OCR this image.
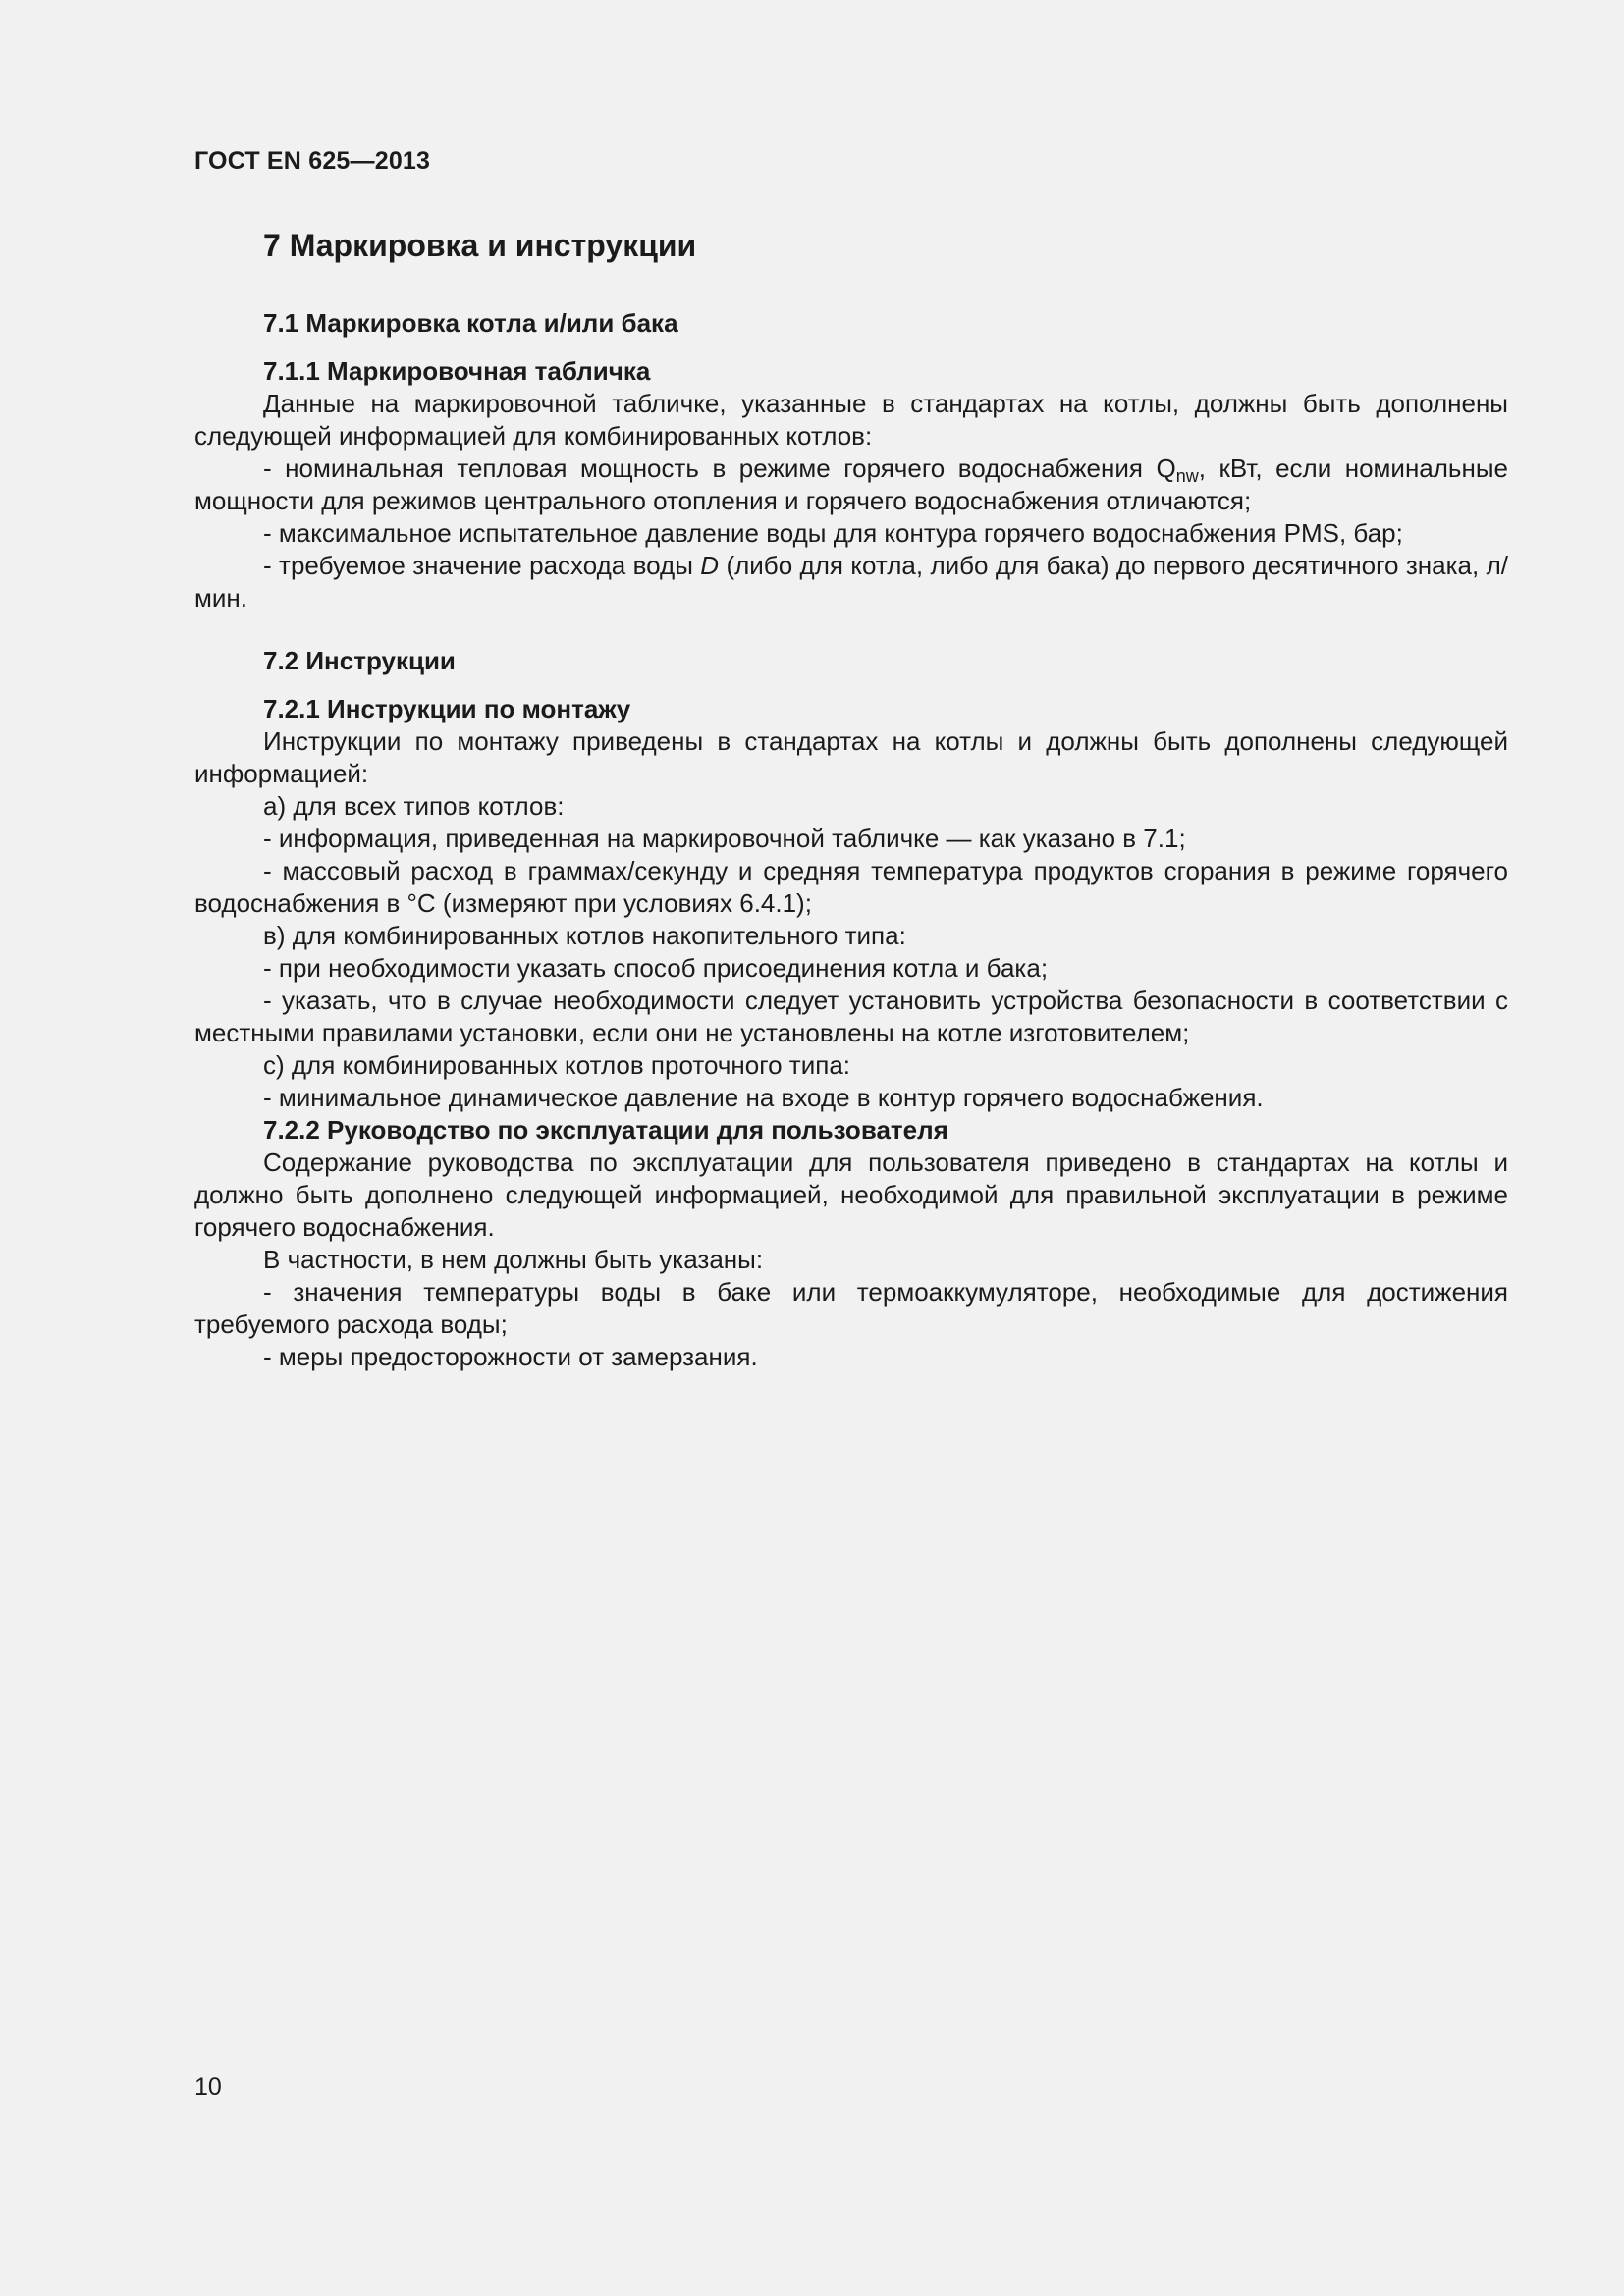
ГОСТ EN 625—2013
7 Маркировка и инструкции
7.1 Маркировка котла и/или бака
7.1.1 Маркировочная табличка

Данные на маркировочной табличке, указанные в стандартах на котлы, должны быть дополнены следующей информацией для комбинированных котлов:

- номинальная тепловая мощность в режиме горячего водоснабжения $Q_{nw}$, кВт, если номинальные мощности для режимов центрального отопления и горячего водоснабжения отличаются;

- максимальное испытательное давление воды для контура горячего водоснабжения PMS, бар;

- требуемое значение расхода воды D (либо для котла, либо для бака) до первого десятичного знака, л/мин.

7.2 Инструкции
7.2.1 Инструкции по монтажу

Инструкции по монтажу приведены в стандартах на котлы и должны быть дополнены следующей информацией:

a) для всех типов котлов:

- информация, приведенная на маркировочной табличке — как указано в 7.1;

- массовый расход в граммах/секунду и средняя температура продуктов сгорания в режиме горячего водоснабжения в °С (измеряют при условиях 6.4.1);

в) для комбинированных котлов накопительного типа:

- при необходимости указать способ присоединения котла и бака;

- указать, что в случае необходимости следует установить устройства безопасности в соответствии с местными правилами установки, если они не установлены на котле изготовителем;

c) для комбинированных котлов проточного типа:

- минимальное динамическое давление на входе в контур горячего водоснабжения.

7.2.2 Руководство по эксплуатации для пользователя

Содержание руководства по эксплуатации для пользователя приведено в стандартах на котлы и должно быть дополнено следующей информацией, необходимой для правильной эксплуатации в режиме горячего водоснабжения.

В частности, в нем должны быть указаны:

- значения температуры воды в баке или термоаккумуляторе, необходимые для достижения требуемого расхода воды;

- меры предосторожности от замерзания.

10
